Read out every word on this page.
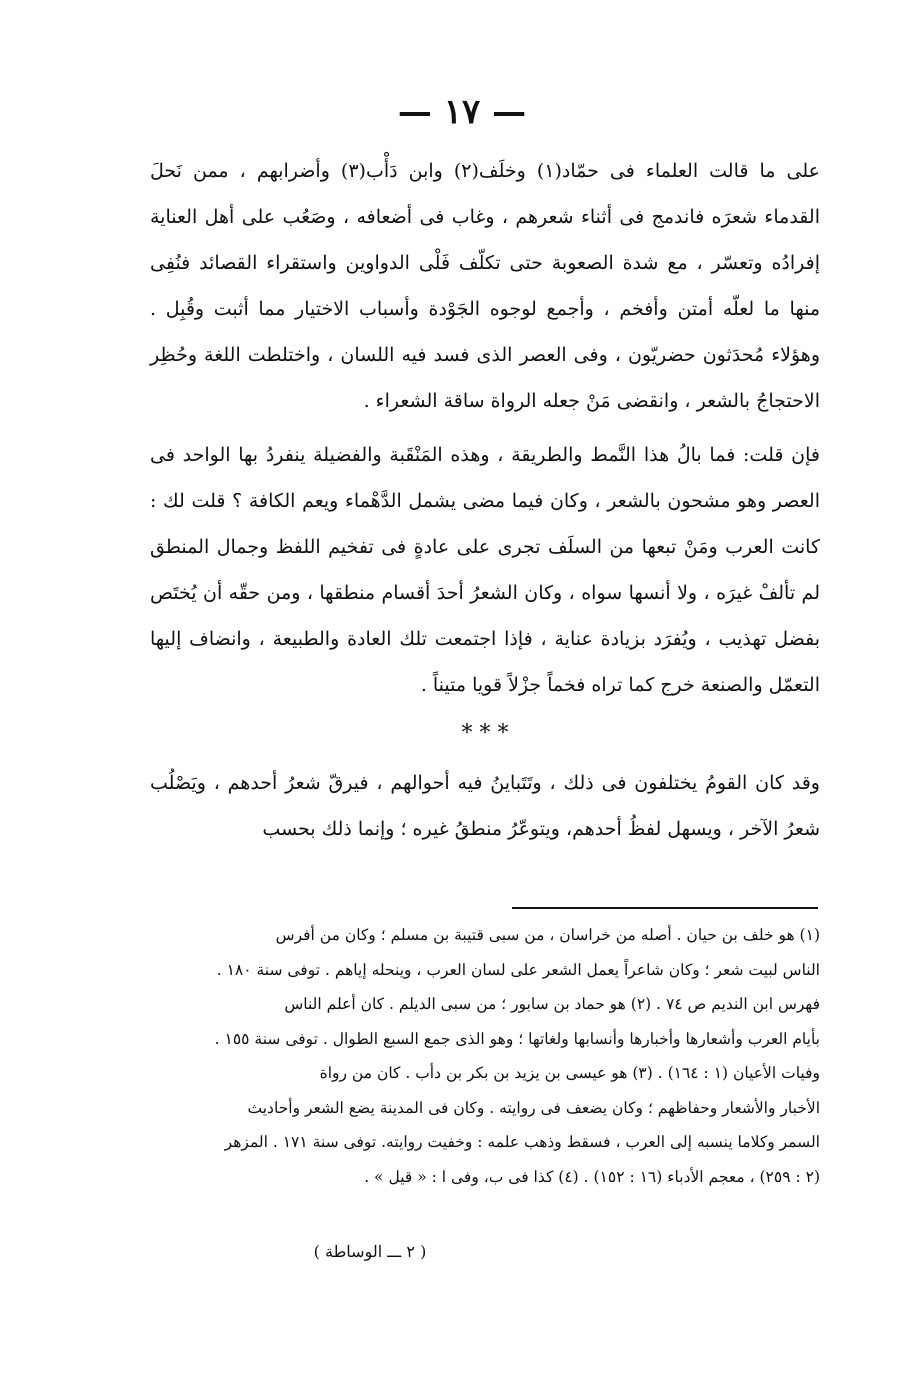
— ١٧ —

على ما قالت العلماء فى حمّاد(١) وخلَف(٢) وابن دَأْب(٣) وأضرابهم ، ممن نَحلَ القدماء شعرَه فاندمج فى أثناء شعرهم ، وغاب فى أضعافه ، وصَعُب على أهل العناية إفرادُه وتعسّر ، مع شدة الصعوبة حتى تكلّف فَلْى الدواوين واستقراء القصائد فنُفِى منها ما لعلّه أمتن وأفخم ، وأجمع لوجوه الجَوْدة وأسباب الاختيار مما أثبت وقُبِل . وهؤلاء مُحدَثون حضريّون ، وفى العصر الذى فسد فيه اللسان ، واختلطت اللغة وحُظِر الاحتجاجُ بالشعر ، وانقضى مَنْ جعله الرواة ساقة الشعراء .

فإن قلت: فما بالُ هذا النَّمط والطريقة ، وهذه المَنْقَبة والفضيلة ينفردُ بها الواحد فى العصر وهو مشحون بالشعر ، وكان فيما مضى يشمل الدَّهْماء ويعم الكافة ؟ قلت لك : كانت العرب ومَنْ تبعها من السلَف تجرى على عادةٍ فى تفخيم اللفظ وجمال المنطق لم تألفْ غيرَه ، ولا أنسها سواه ، وكان الشعرُ أحدَ أقسام منطقها ، ومن حقّه أن يُختَص بفضل تهذيب ، ويُفرَد بزيادة عناية ، فإذا اجتمعت تلك العادة والطبيعة ، وانضاف إليها التعمّل والصنعة خرج كما تراه فخماً جزْلاً قويا متيناً .

* * *

وقد كان القومُ يختلفون فى ذلك ، وتَتَباينُ فيه أحوالهم ، فيرقّ شعرُ أحدهم ، ويَصْلُب شعرُ الآخر ، ويسهل لفظُ أحدهم، ويتوعّرُ منطقُ غيره ؛ وإنما ذلك بحسب

(١) هو خلف بن حيان . أصله من خراسان ، من سبى قتيبة بن مسلم ؛ وكان من أفرس

الناس لبيت شعر ؛ وكان شاعراً يعمل الشعر على لسان العرب ، وينحله إياهم . توفى سنة ١٨٠ .

فهرس ابن النديم ص ٧٤ . (٢) هو حماد بن سابور ؛ من سبى الديلم . كان أعلم الناس

بأيام العرب وأشعارها وأخبارها وأنسابها ولغاتها ؛ وهو الذى جمع السبع الطوال . توفى سنة ١٥٥ .

وفيات الأعيان (١ : ١٦٤) . (٣) هو عيسى بن يزيد بن بكر بن دأب . كان من رواة

الأخبار والأشعار وحفاظهم ؛ وكان يضعف فى روايته . وكان فى المدينة يضع الشعر وأحاديث

السمر وكلاما ينسبه إلى العرب ، فسقط وذهب علمه : وخفيت روايته. توفى سنة ١٧١ . المزهر

(٢ : ٢٥٩) ، معجم الأدباء (١٦ : ١٥٢) . (٤) كذا فى ب، وفى ا : « قيل » .

( ٢ ـــ الوساطة )
